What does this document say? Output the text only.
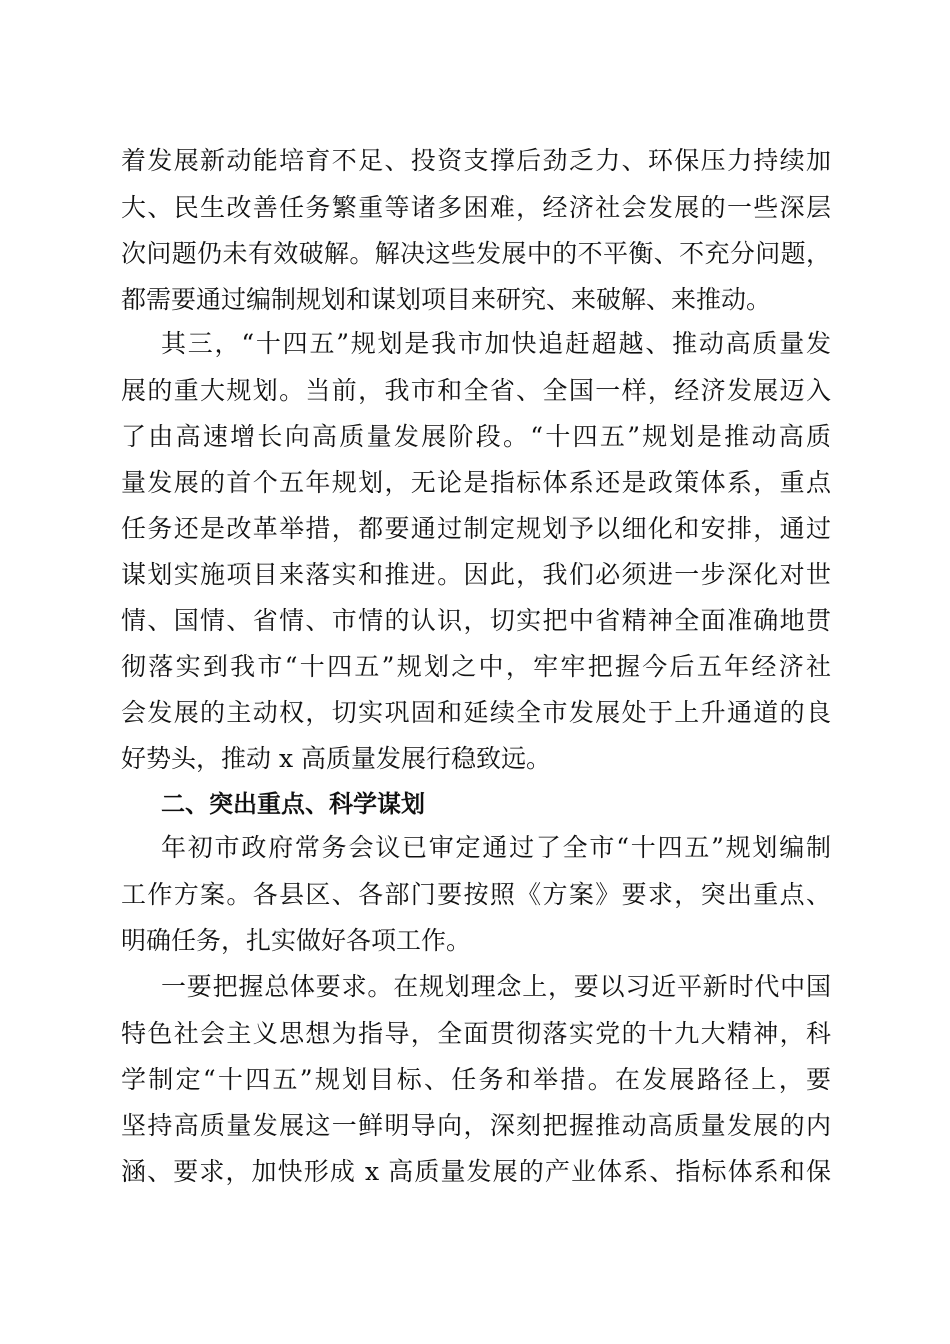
着发展新动能培育不足、投资支撑后劲乏力、环保压力持续加
大、民生改善任务繁重等诸多困难，经济社会发展的一些深层
次问题仍未有效破解。解决这些发展中的不平衡、不充分问题，
都需要通过编制规划和谋划项目来研究、来破解、来推动。
其三，“十四五”规划是我市加快追赶超越、推动高质量发
展的重大规划。当前，我市和全省、全国一样，经济发展迈入
了由高速增长向高质量发展阶段。“十四五”规划是推动高质
量发展的首个五年规划，无论是指标体系还是政策体系，重点
任务还是改革举措，都要通过制定规划予以细化和安排，通过
谋划实施项目来落实和推进。因此，我们必须进一步深化对世
情、国情、省情、市情的认识，切实把中省精神全面准确地贯
彻落实到我市“十四五”规划之中，牢牢把握今后五年经济社
会发展的主动权，切实巩固和延续全市发展处于上升通道的良
好势头，推动 x 高质量发展行稳致远。
二、突出重点、科学谋划
年初市政府常务会议已审定通过了全市“十四五”规划编制
工作方案。各县区、各部门要按照《方案》要求，突出重点、
明确任务，扎实做好各项工作。
一要把握总体要求。在规划理念上，要以习近平新时代中国
特色社会主义思想为指导，全面贯彻落实党的十九大精神，科
学制定“十四五”规划目标、任务和举措。在发展路径上，要
坚持高质量发展这一鲜明导向，深刻把握推动高质量发展的内
涵、要求，加快形成 x 高质量发展的产业体系、指标体系和保
